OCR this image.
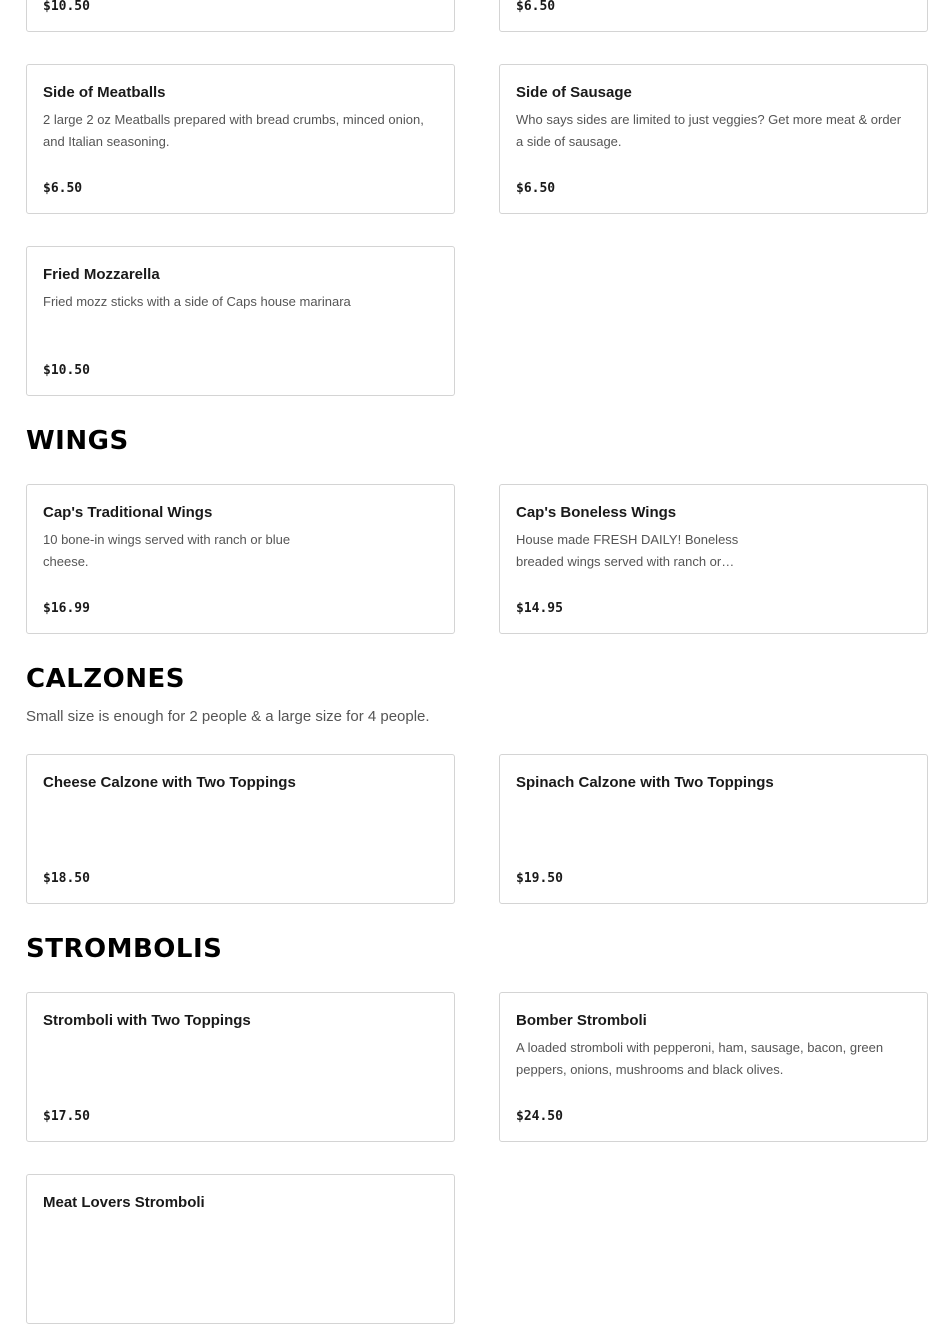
$10.50	$6.50
Side of Meatballs
2 large 2 oz Meatballs prepared with bread crumbs, minced onion, and Italian seasoning.
$6.50
Side of Sausage
Who says sides are limited to just veggies? Get more meat & order a side of sausage.
$6.50
Fried Mozzarella
Fried mozz sticks with a side of Caps house marinara
$10.50
WINGS
Cap's Traditional Wings
10 bone-in wings served with ranch or blue cheese.
$16.99
Cap's Boneless Wings
House made FRESH DAILY! Boneless breaded wings served with ranch or…
$14.95
CALZONES

Small size is enough for 2 people & a large size for 4 people.

Cheese Calzone with Two Toppings
$18.50
Spinach Calzone with Two Toppings
$19.50
STROMBOLIS
Stromboli with Two Toppings
$17.50
Bomber Stromboli
A loaded stromboli with pepperoni, ham, sausage, bacon, green peppers, onions, mushrooms and black olives.
$24.50
Meat Lovers Stromboli
